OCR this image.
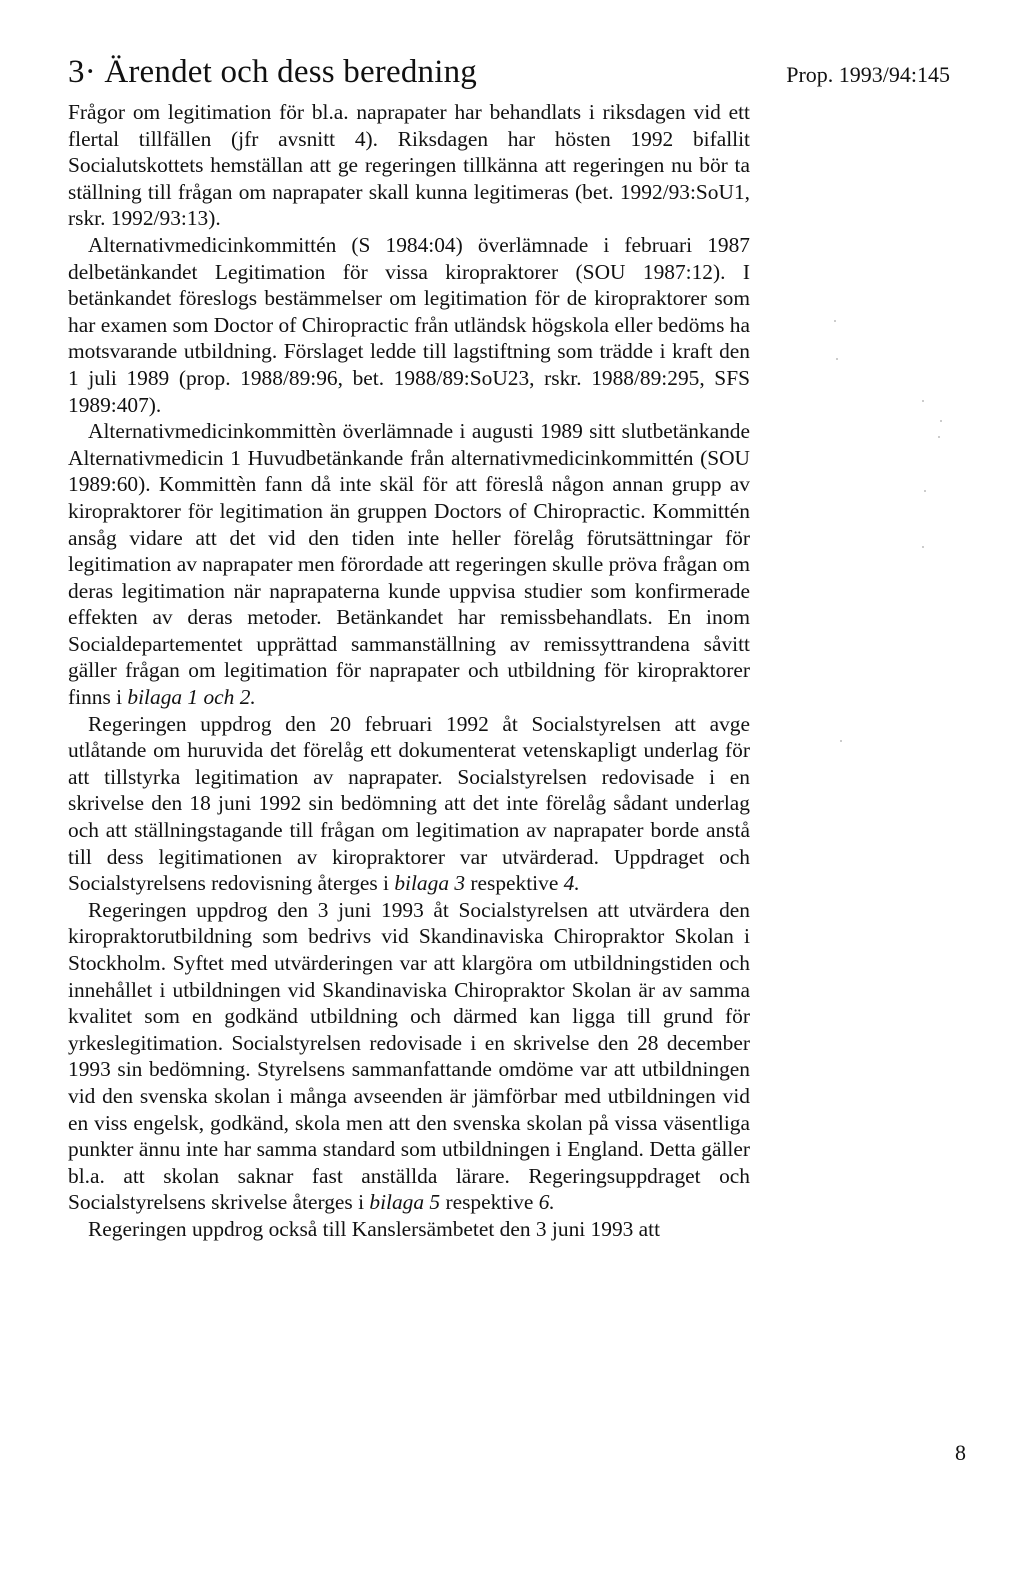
3· Ärendet och dess beredning	Prop. 1993/94:145

Frågor om legitimation för bl.a. naprapater har behandlats i riksdagen vid ett flertal tillfällen (jfr avsnitt 4). Riksdagen har hösten 1992 bifallit Socialutskottets hemställan att ge regeringen tillkänna att regeringen nu bör ta ställning till frågan om naprapater skall kunna legitimeras (bet. 1992/93:SoU1, rskr. 1992/93:13).

Alternativmedicinkommittén (S 1984:04) överlämnade i februari 1987 delbetänkandet Legitimation för vissa kiropraktorer (SOU 1987:12). I betänkandet föreslogs bestämmelser om legitimation för de kiropraktorer som har examen som Doctor of Chiropractic från utländsk högskola eller bedöms ha motsvarande utbildning. Förslaget ledde till lagstiftning som trädde i kraft den 1 juli 1989 (prop. 1988/89:96, bet. 1988/89:SoU23, rskr. 1988/89:295, SFS 1989:407).

Alternativmedicinkommittèn överlämnade i augusti 1989 sitt slutbetänkande Alternativmedicin 1 Huvudbetänkande från alternativmedicinkommittén (SOU 1989:60). Kommittèn fann då inte skäl för att föreslå någon annan grupp av kiropraktorer för legitimation än gruppen Doctors of Chiropractic. Kommittén ansåg vidare att det vid den tiden inte heller förelåg förutsättningar för legitimation av naprapater men förordade att regeringen skulle pröva frågan om deras legitimation när naprapaterna kunde uppvisa studier som konfirmerade effekten av deras metoder. Betänkandet har remissbehandlats. En inom Socialdepartementet upprättad sammanställning av remissyttrandena såvitt gäller frågan om legitimation för naprapater och utbildning för kiropraktorer finns i bilaga 1 och 2.

Regeringen uppdrog den 20 februari 1992 åt Socialstyrelsen att avge utlåtande om huruvida det förelåg ett dokumenterat vetenskapligt underlag för att tillstyrka legitimation av naprapater. Socialstyrelsen redovisade i en skrivelse den 18 juni 1992 sin bedömning att det inte förelåg sådant underlag och att ställningstagande till frågan om legitimation av naprapater borde anstå till dess legitimationen av kiropraktorer var utvärderad. Uppdraget och Socialstyrelsens redovisning återges i bilaga 3 respektive 4.

Regeringen uppdrog den 3 juni 1993 åt Socialstyrelsen att utvärdera den kiropraktorutbildning som bedrivs vid Skandinaviska Chiropraktor Skolan i Stockholm. Syftet med utvärderingen var att klargöra om utbildningstiden och innehållet i utbildningen vid Skandinaviska Chiropraktor Skolan är av samma kvalitet som en godkänd utbildning och därmed kan ligga till grund för yrkeslegitimation. Socialstyrelsen redovisade i en skrivelse den 28 december 1993 sin bedömning. Styrelsens sammanfattande omdöme var att utbildningen vid den svenska skolan i många avseenden är jämförbar med utbildningen vid en viss engelsk, godkänd, skola men att den svenska skolan på vissa väsentliga punkter ännu inte har samma standard som utbildningen i England. Detta gäller bl.a. att skolan saknar fast anställda lärare. Regeringsuppdraget och Socialstyrelsens skrivelse återges i bilaga 5 respektive 6.

Regeringen uppdrog också till Kanslersämbetet den 3 juni 1993 att

8
